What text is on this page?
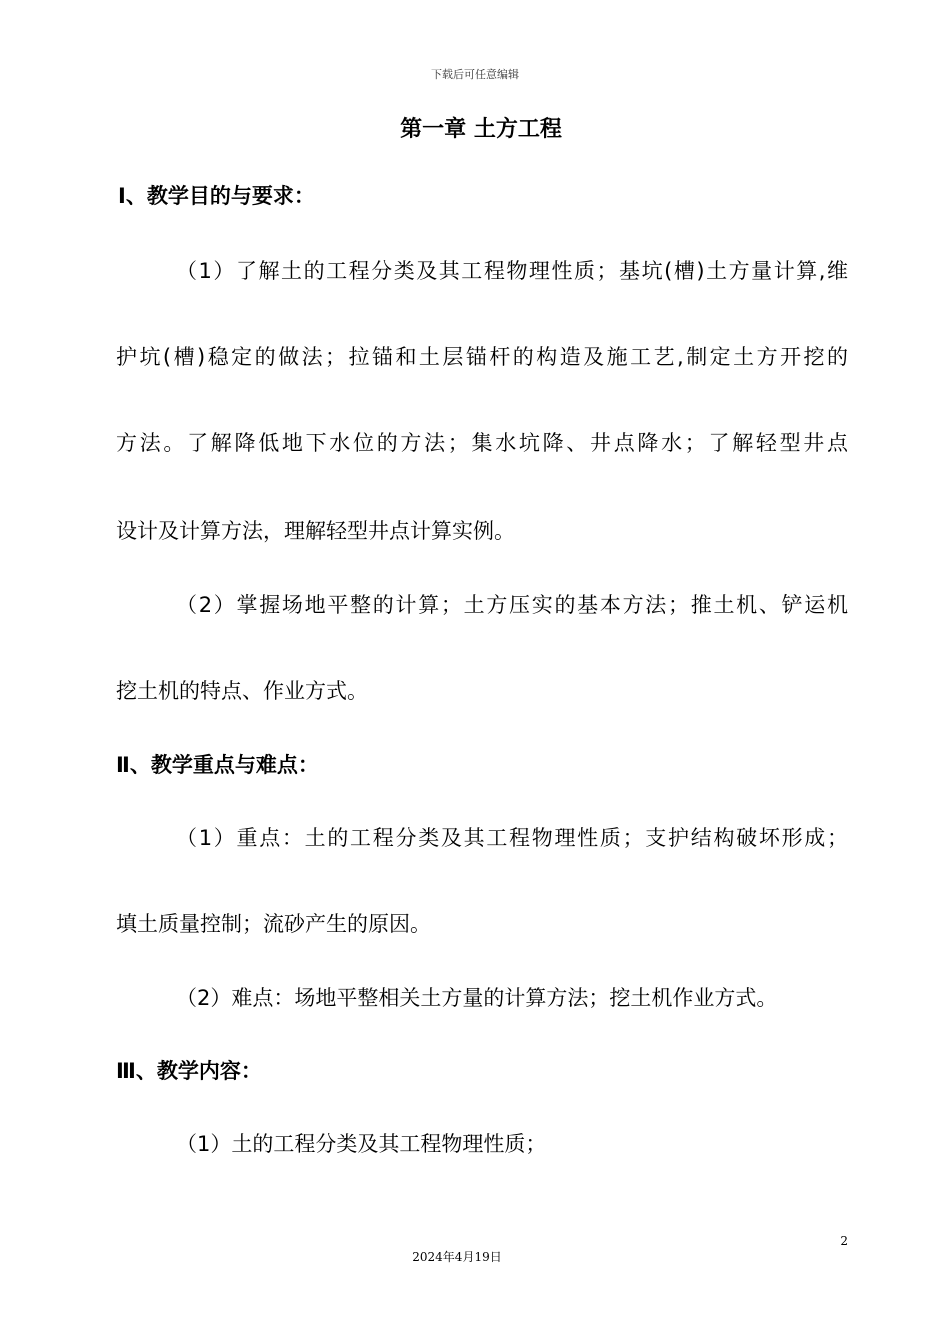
下载后可任意编辑
第一章 土方工程
Ⅰ、教学目的与要求：
（1）了解土的工程分类及其工程物理性质；基坑(槽)土方量计算,维
护坑(槽)稳定的做法；拉锚和土层锚杆的构造及施工艺,制定土方开挖的
方法。了解降低地下水位的方法；集水坑降、井点降水；了解轻型井点
设计及计算方法，理解轻型井点计算实例。
（2）掌握场地平整的计算；土方压实的基本方法；推土机、铲运机
挖土机的特点、作业方式。
Ⅱ、教学重点与难点：
（1）重点：土的工程分类及其工程物理性质；支护结构破坏形成；
填土质量控制；流砂产生的原因。
（2）难点：场地平整相关土方量的计算方法；挖土机作业方式。
Ⅲ、教学内容：
（1）土的工程分类及其工程物理性质；
2
2024年4月19日
